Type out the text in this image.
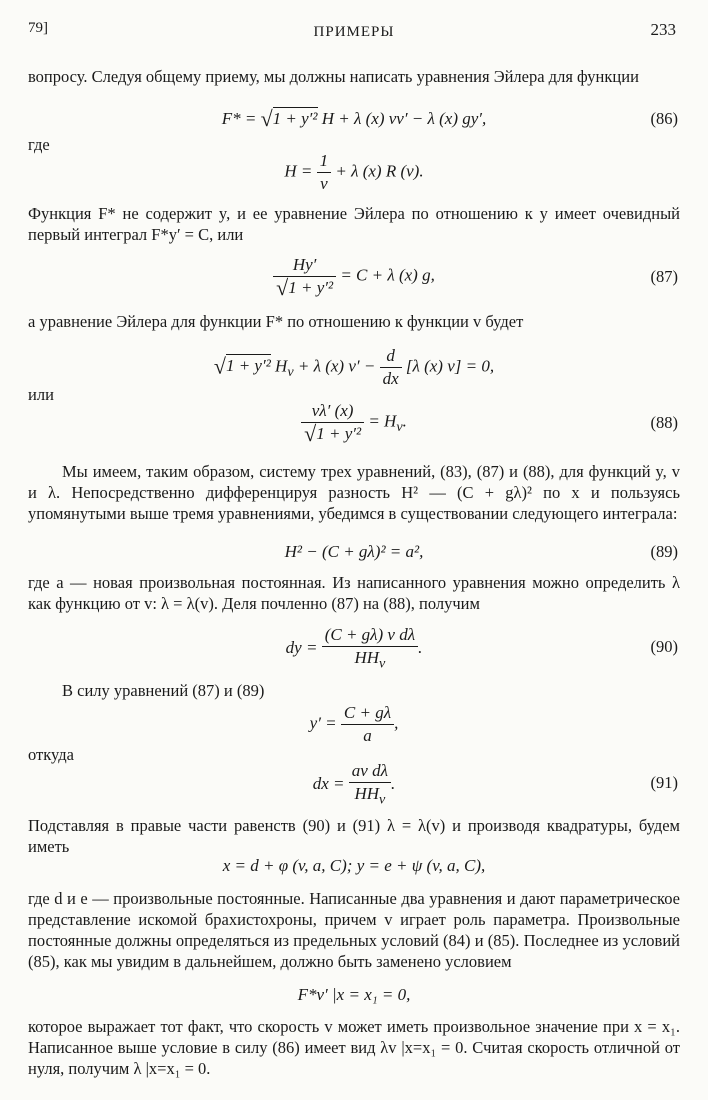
79]	ПРИМЕРЫ	233
вопросу. Следуя общему приему, мы должны написать уравнения Эйлера для функции
F* = √1 + y′² H + λ (x) vv′ − λ (x) gy′,	(86)
где
$H = \frac{1}{v} + \lambda$ (x) R (v).
Функция F* не содержит y, и ее уравнение Эйлера по отношению к y имеет очевидный первый интеграл F*y′ = C, или
$\frac{Hy'}{\text{√1 + y′²}} = C + \lambda$ (x) g,	(87)
а уравнение Эйлера для функции F* по отношению к функции v будет
√1 + y′² $H_v + \lambda$ (x) $v' - \frac{d}{dx} [\lambda$ (x) v] = 0,
или
$\frac{v\lambda' (x)}{\text{√1 + y′²}} = H_v$.	(88)
Мы имеем, таким образом, систему трех уравнений, (83), (87) и (88), для функций y, v и λ. Непосредственно дифференцируя разность H² — (C + gλ)² по x и пользуясь упомянутыми выше тремя уравнениями, убедимся в существовании следующего интеграла:
H² − (C + gλ)² = a²,	(89)
где a — новая произвольная постоянная. Из написанного уравнения можно определить λ как функцию от v: λ = λ(v). Деля почленно (87) на (88), получим
dy = $\frac{\text{(C + gλ) v dλ}}{HH_v}$ .	(90)
В силу уравнений (87) и (89)
$y' = \frac{C + g\lambda}{a}$ ,
откуда
dx = $\frac{\text{av dλ}}{HH_v}$ .	(91)
Подставляя в правые части равенств (90) и (91) λ = λ(v) и производя квадратуры, будем иметь
x = d + φ (v, a, C); y = e + ψ (v, a, C),
где d и e — произвольные постоянные. Написанные два уравнения и дают параметрическое представление искомой брахистохроны, причем v играет роль параметра. Произвольные постоянные должны определяться из предельных условий (84) и (85). Последнее из условий (85), как мы увидим в дальнейшем, должно быть заменено условием
F*v′ |x = x₁ = 0,
которое выражает тот факт, что скорость v может иметь произвольное значение при x = x₁. Написанное выше условие в силу (86) имеет вид λv |x=x₁ = 0. Считая скорость отличной от нуля, получим λ |x=x₁ = 0.
